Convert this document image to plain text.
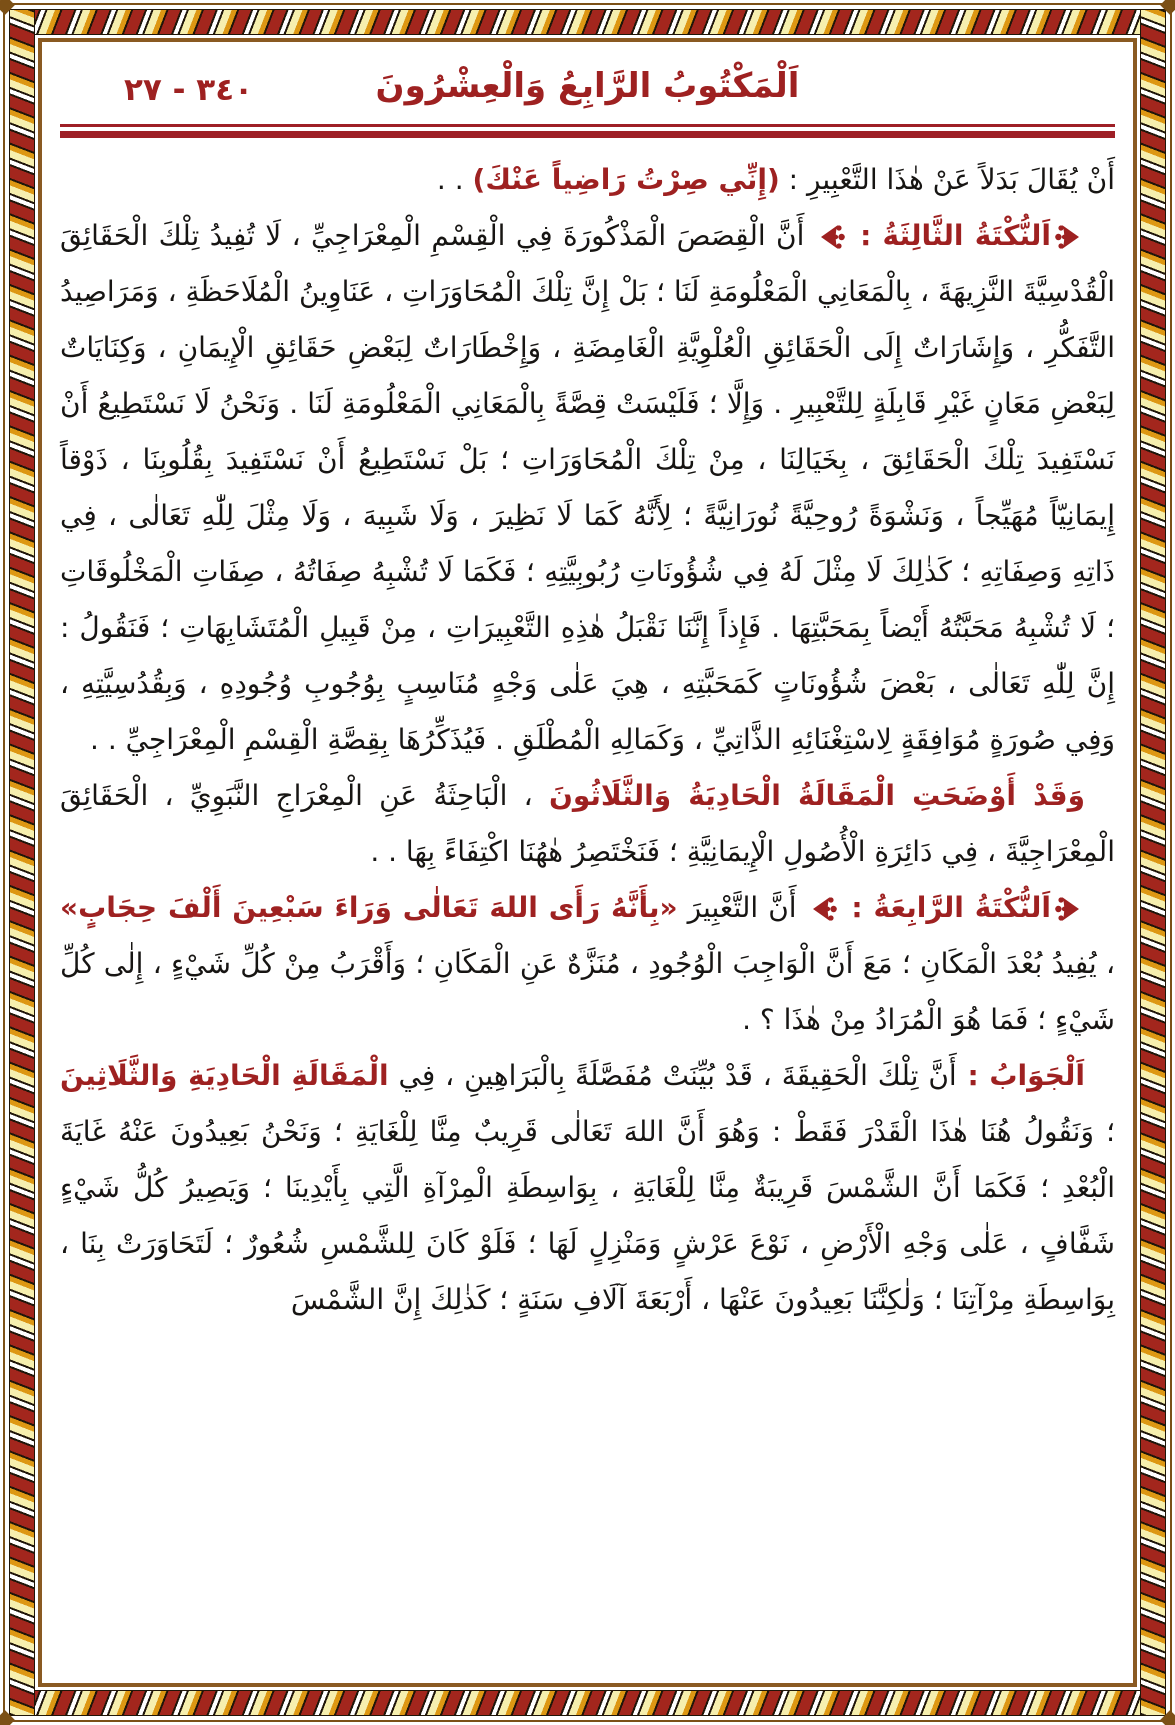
٣٤٠ - ٢٧	اَلْمَكْتُوبُ الرَّابِعُ وَالْعِشْرُونَ

أَنْ يُقَالَ بَدَلاً عَنْ هٰذَا التَّعْبِيرِ : (إِنِّي صِرْتُ رَاضِياً عَنْكَ) . .

اَلنُّكْتَةُ الثَّالِثَةُ :  أَنَّ الْقِصَصَ الْمَذْكُورَةَ فِي الْقِسْمِ الْمِعْرَاجِيِّ ، لَا تُفِيدُ تِلْكَ الْحَقَائِقَ الْقُدْسِيَّةَ النَّزِيهَةَ ، بِالْمَعَانِي الْمَعْلُومَةِ لَنَا ؛ بَلْ إِنَّ تِلْكَ الْمُحَاوَرَاتِ ، عَنَاوِينُ الْمُلَاحَظَةِ ، وَمَرَاصِيدُ التَّفَكُّرِ ، وَإِشَارَاتٌ إِلَى الْحَقَائِقِ الْعُلْوِيَّةِ الْغَامِضَةِ ، وَإِخْطَارَاتٌ لِبَعْضِ حَقَائِقِ الْإِيمَانِ ، وَكِنَايَاتٌ لِبَعْضِ مَعَانٍ غَيْرِ قَابِلَةٍ لِلتَّعْبِيرِ . وَإِلَّا ؛ فَلَيْسَتْ قِصَّةً بِالْمَعَانِي الْمَعْلُومَةِ لَنَا . وَنَحْنُ لَا نَسْتَطِيعُ أَنْ نَسْتَفِيدَ تِلْكَ الْحَقَائِقَ ، بِخَيَالِنَا ، مِنْ تِلْكَ الْمُحَاوَرَاتِ ؛ بَلْ نَسْتَطِيعُ أَنْ نَسْتَفِيدَ بِقُلُوبِنَا ، ذَوْقاً إِيمَانِيّاً مُهَيِّجاً ، وَنَشْوَةً رُوحِيَّةً نُورَانِيَّةً ؛ لِأَنَّهُ كَمَا لَا نَظِيرَ ، وَلَا شَبِيهَ ، وَلَا مِثْلَ لِلّٰهِ تَعَالٰى ، فِي ذَاتِهِ وَصِفَاتِهِ ؛ كَذٰلِكَ لَا مِثْلَ لَهُ فِي شُؤُونَاتِ رُبُوبِيَّتِهِ ؛ فَكَمَا لَا تُشْبِهُ صِفَاتُهُ ، صِفَاتِ الْمَخْلُوقَاتِ ؛ لَا تُشْبِهُ مَحَبَّتُهُ أَيْضاً بِمَحَبَّتِهَا . فَإِذاً إِنَّنَا نَقْبَلُ هٰذِهِ التَّعْبِيرَاتِ ، مِنْ قَبِيلِ الْمُتَشَابِهَاتِ ؛ فَنَقُولُ : إِنَّ لِلّٰهِ تَعَالٰى ، بَعْضَ شُؤُونَاتٍ كَمَحَبَّتِهِ ، هِيَ عَلٰى وَجْهٍ مُنَاسِبٍ بِوُجُوبِ وُجُودِهِ ، وَبِقُدُسِيَّتِهِ ، وَفِي صُورَةٍ مُوَافِقَةٍ لِاسْتِغْنَائِهِ الذَّاتِيِّ ، وَكَمَالِهِ الْمُطْلَقِ . فَيُذَكِّرُهَا بِقِصَّةِ الْقِسْمِ الْمِعْرَاجِيِّ . .

وَقَدْ أَوْضَحَتِ الْمَقَالَةُ الْحَادِيَةُ وَالثَّلَاثُونَ ، الْبَاحِثَةُ عَنِ الْمِعْرَاجِ النَّبَوِيِّ ، الْحَقَائِقَ الْمِعْرَاجِيَّةَ ، فِي دَائِرَةِ الْأُصُولِ الْإِيمَانِيَّةِ ؛ فَنَخْتَصِرُ هٰهُنَا اكْتِفَاءً بِهَا . .

اَلنُّكْتَةُ الرَّابِعَةُ :  أَنَّ التَّعْبِيرَ «بِأَنَّهُ رَأَى اللهَ تَعَالٰى وَرَاءَ سَبْعِينَ أَلْفَ حِجَابٍ» ، يُفِيدُ بُعْدَ الْمَكَانِ ؛ مَعَ أَنَّ الْوَاجِبَ الْوُجُودِ ، مُنَزَّهٌ عَنِ الْمَكَانِ ؛ وَأَقْرَبُ مِنْ كُلِّ شَيْءٍ ، إِلٰى كُلِّ شَيْءٍ ؛ فَمَا هُوَ الْمُرَادُ مِنْ هٰذَا ؟ .

اَلْجَوَابُ : أَنَّ تِلْكَ الْحَقِيقَةَ ، قَدْ بُيِّنَتْ مُفَصَّلَةً بِالْبَرَاهِينِ ، فِي الْمَقَالَةِ الْحَادِيَةِ وَالثَّلَاثِينَ ؛ وَنَقُولُ هُنَا هٰذَا الْقَدْرَ فَقَطْ : وَهُوَ أَنَّ اللهَ تَعَالٰى قَرِيبٌ مِنَّا لِلْغَايَةِ ؛ وَنَحْنُ بَعِيدُونَ عَنْهُ غَايَةَ الْبُعْدِ ؛ فَكَمَا أَنَّ الشَّمْسَ قَرِيبَةٌ مِنَّا لِلْغَايَةِ ، بِوَاسِطَةِ الْمِرْآةِ الَّتِي بِأَيْدِينَا ؛ وَيَصِيرُ كُلُّ شَيْءٍ شَفَّافٍ ، عَلٰى وَجْهِ الْأَرْضِ ، نَوْعَ عَرْشٍ وَمَنْزِلٍ لَهَا ؛ فَلَوْ كَانَ لِلشَّمْسِ شُعُورٌ ؛ لَتَحَاوَرَتْ بِنَا ، بِوَاسِطَةِ مِرْآتِنَا ؛ وَلٰكِنَّنَا بَعِيدُونَ عَنْهَا ، أَرْبَعَةَ آلَافِ سَنَةٍ ؛ كَذٰلِكَ إِنَّ الشَّمْسَ
